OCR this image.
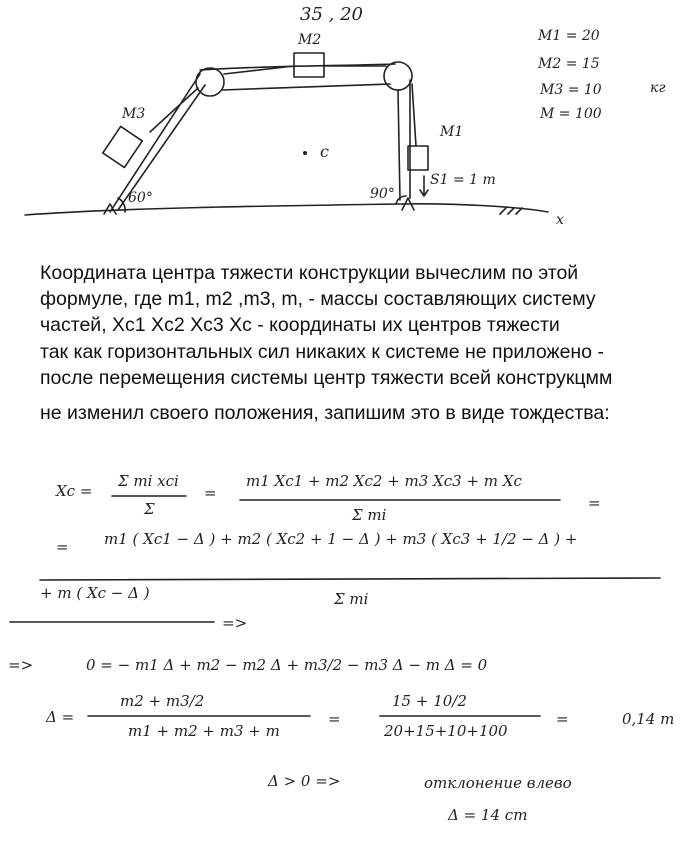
35 , 20
M2
M3
M1
c
60°	90°
S1 = 1 m
x
M1 = 20
M2 = 15
M3 = 10
M = 100
кг
Координата центра тяжести конструкции вычеслим по этой
формуле, где m1, m2 ,m3, m, - массы составляющих систему
частей, Xc1 Xc2 Xc3 Xc - координаты их центров тяжести
так как горизонтальных сил никаких к системе не приложено -
после перемещения системы центр тяжести всей конструкцмм
не изменил своего положения, запишим это в виде тождества:
Xc =
Σ mi xci
Σ
=
m1 Xc1 + m2 Xc2 + m3 Xc3 + m Xc
Σ mi
=
= m1 ( Xc1 − Δ ) + m2 ( Xc2 + 1 − Δ ) + m3 ( Xc3 + 1/2 − Δ ) +
+ m ( Xc − Δ )	Σ mi
=>
=>	0 = − m1 Δ + m2 − m2 Δ + m3/2 − m3 Δ − m Δ = 0
Δ =
m2 + m3/2
m1 + m2 + m3 + m
=
15 + 10/2
20+15+10+100
=	0,14 m
Δ > 0 =>	отклонение влево
Δ = 14 cm
